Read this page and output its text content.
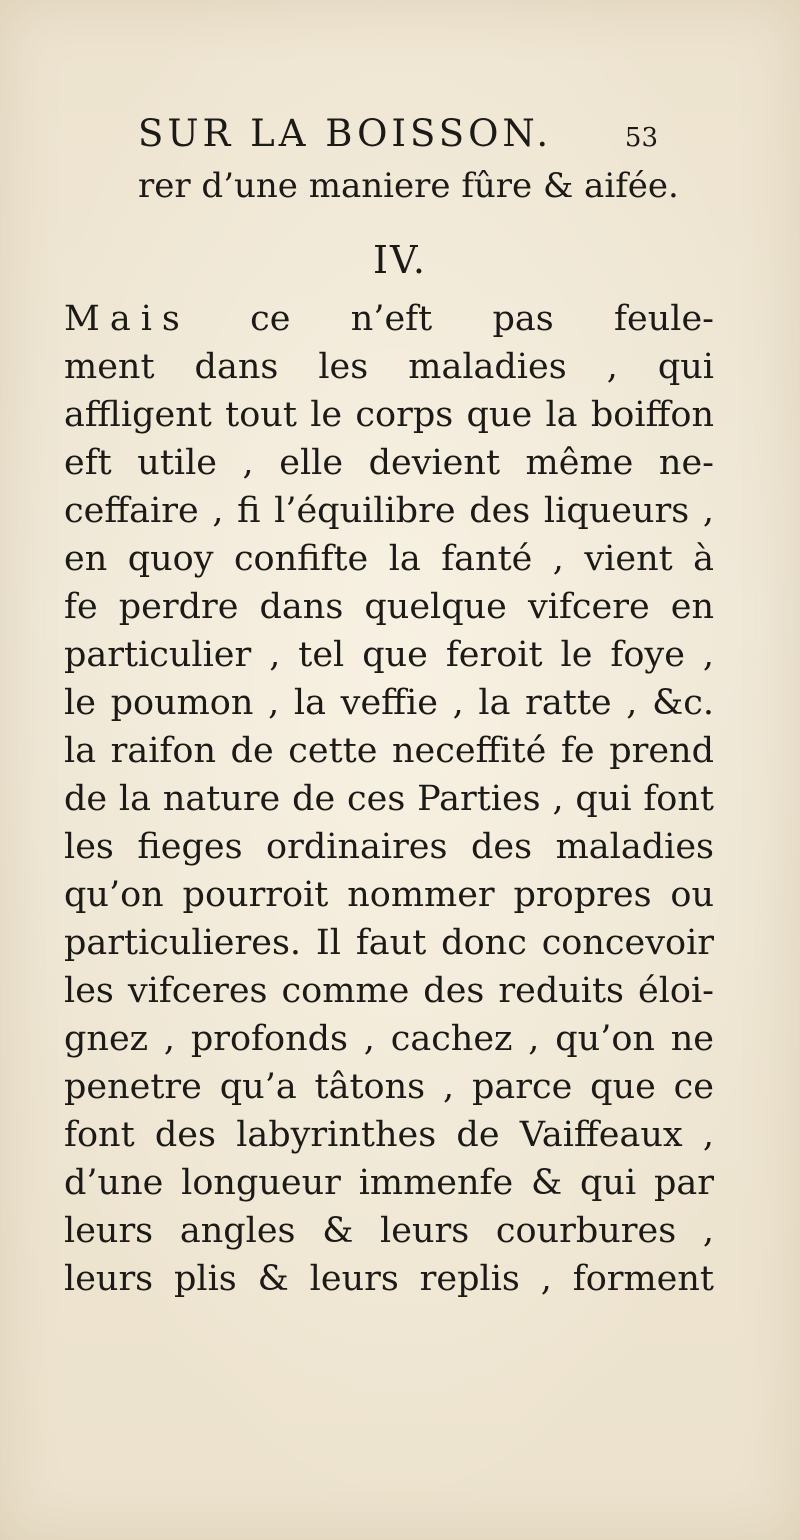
SUR LA BOISSON.	53
rer d’une maniere fûre & aifée.
IV.
Mais ce n’eft pas feule-
ment dans les maladies , qui
affligent tout le corps que la boiffon
eft utile , elle devient même ne-
ceffaire , fi l’équilibre des liqueurs ,
en quoy confifte la fanté , vient à
fe perdre dans quelque vifcere en
particulier , tel que feroit le foye ,
le poumon , la veffie , la ratte , &c.
la raifon de cette neceffité fe prend
de la nature de ces Parties , qui font
les fieges ordinaires des maladies
qu’on pourroit nommer propres ou
particulieres. Il faut donc concevoir
les vifceres comme des reduits éloi-
gnez , profonds , cachez , qu’on ne
penetre qu’a tâtons , parce que ce
font des labyrinthes de Vaiffeaux ,
d’une longueur immenfe & qui par
leurs angles & leurs courbures ,
leurs plis & leurs replis , forment
